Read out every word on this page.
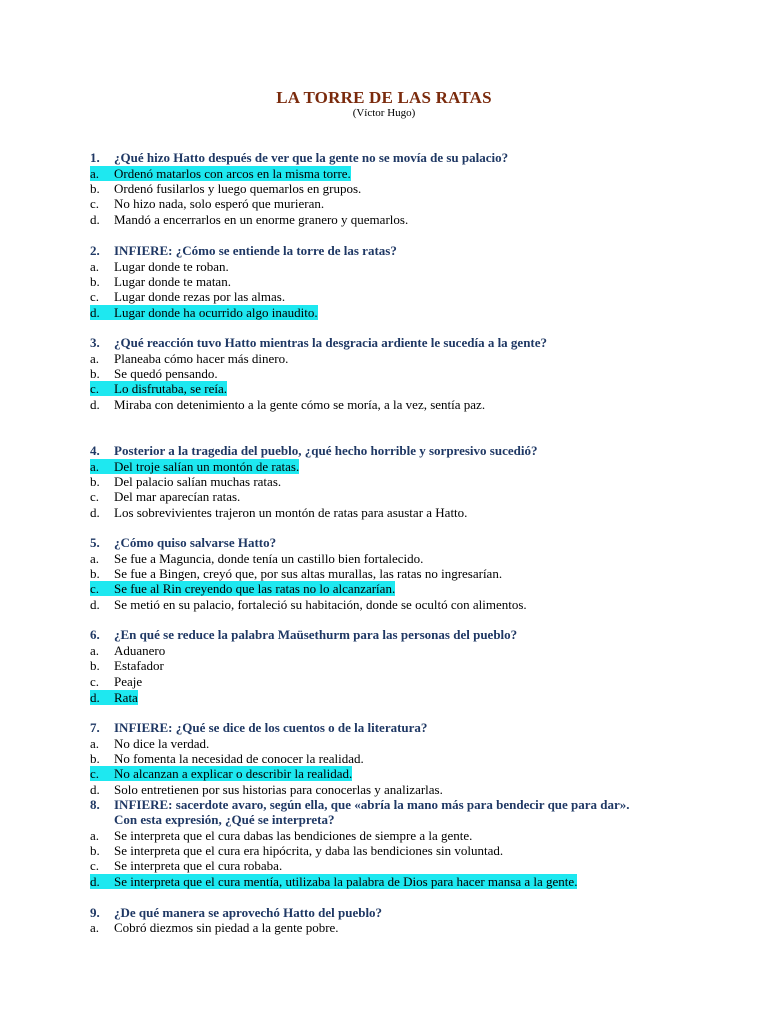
LA TORRE DE LAS RATAS
(Víctor Hugo)
1. ¿Qué hizo Hatto después de ver que la gente no se movía de su palacio?
a. Ordenó matarlos con arcos en la misma torre.
b. Ordenó fusilarlos y luego quemarlos en grupos.
c. No hizo nada, solo esperó que murieran.
d. Mandó a encerrarlos en un enorme granero y quemarlos.
2. INFIERE: ¿Cómo se entiende la torre de las ratas?
a. Lugar donde te roban.
b. Lugar donde te matan.
c. Lugar donde rezas por las almas.
d. Lugar donde ha ocurrido algo inaudito.
3. ¿Qué reacción tuvo Hatto mientras la desgracia ardiente le sucedía a la gente?
a. Planeaba cómo hacer más dinero.
b. Se quedó pensando.
c. Lo disfrutaba, se reía.
d. Miraba con detenimiento a la gente cómo se moría, a la vez, sentía paz.
4. Posterior a la tragedia del pueblo, ¿qué hecho horrible y sorpresivo sucedió?
a. Del troje salían un montón de ratas.
b. Del palacio salían muchas ratas.
c. Del mar aparecían ratas.
d. Los sobrevivientes trajeron un montón de ratas para asustar a Hatto.
5. ¿Cómo quiso salvarse Hatto?
a. Se fue a Maguncia, donde tenía un castillo bien fortalecido.
b. Se fue a Bingen, creyó que, por sus altas murallas, las ratas no ingresarían.
c. Se fue al Rin creyendo que las ratas no lo alcanzarían.
d. Se metió en su palacio, fortaleció su habitación, donde se ocultó con alimentos.
6. ¿En qué se reduce la palabra Maüsethurm para las personas del pueblo?
a. Aduanero
b. Estafador
c. Peaje
d. Rata
7. INFIERE: ¿Qué se dice de los cuentos o de la literatura?
a. No dice la verdad.
b. No fomenta la necesidad de conocer la realidad.
c. No alcanzan a explicar o describir la realidad.
d. Solo entretienen por sus historias para conocerlas y analizarlas.
8. INFIERE: sacerdote avaro, según ella, que «abría la mano más para bendecir que para dar».
Con esta expresión, ¿Qué se interpreta?
a. Se interpreta que el cura dabas las bendiciones de siempre a la gente.
b. Se interpreta que el cura era hipócrita, y daba las bendiciones sin voluntad.
c. Se interpreta que el cura robaba.
d. Se interpreta que el cura mentía, utilizaba la palabra de Dios para hacer mansa a la gente.
9. ¿De qué manera se aprovechó Hatto del pueblo?
a. Cobró diezmos sin piedad a la gente pobre.
